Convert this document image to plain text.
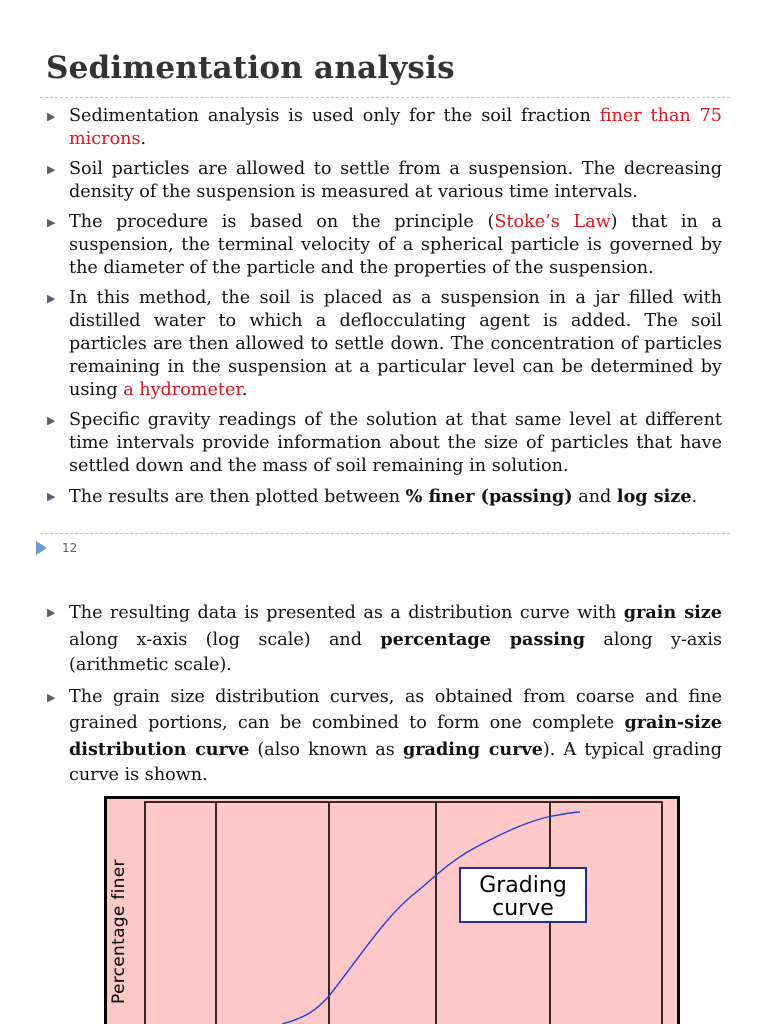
Sedimentation analysis
▶ Sedimentation analysis is used only for the soil fraction finer than 75 microns.
▶ Soil particles are allowed to settle from a suspension. The decreasing density of the suspension is measured at various time intervals.
▶ The procedure is based on the principle (Stoke’s Law) that in a suspension, the terminal velocity of a spherical particle is governed by the diameter of the particle and the properties of the suspension.
▶ In this method, the soil is placed as a suspension in a jar filled with distilled water to which a deflocculating agent is added. The soil particles are then allowed to settle down. The concentration of particles remaining in the suspension at a particular level can be determined by using a hydrometer.
▶ Specific gravity readings of the solution at that same level at different time intervals provide information about the size of particles that have settled down and the mass of soil remaining in solution.
▶ The results are then plotted between % finer (passing) and log size.
12
▶ The resulting data is presented as a distribution curve with grain size along x-axis (log scale) and percentage passing along y-axis (arithmetic scale).
▶ The grain size distribution curves, as obtained from coarse and fine grained portions, can be combined to form one complete grain-size distribution curve (also known as grading curve). A typical grading curve is shown.
Percentage finer	Grading
curve
